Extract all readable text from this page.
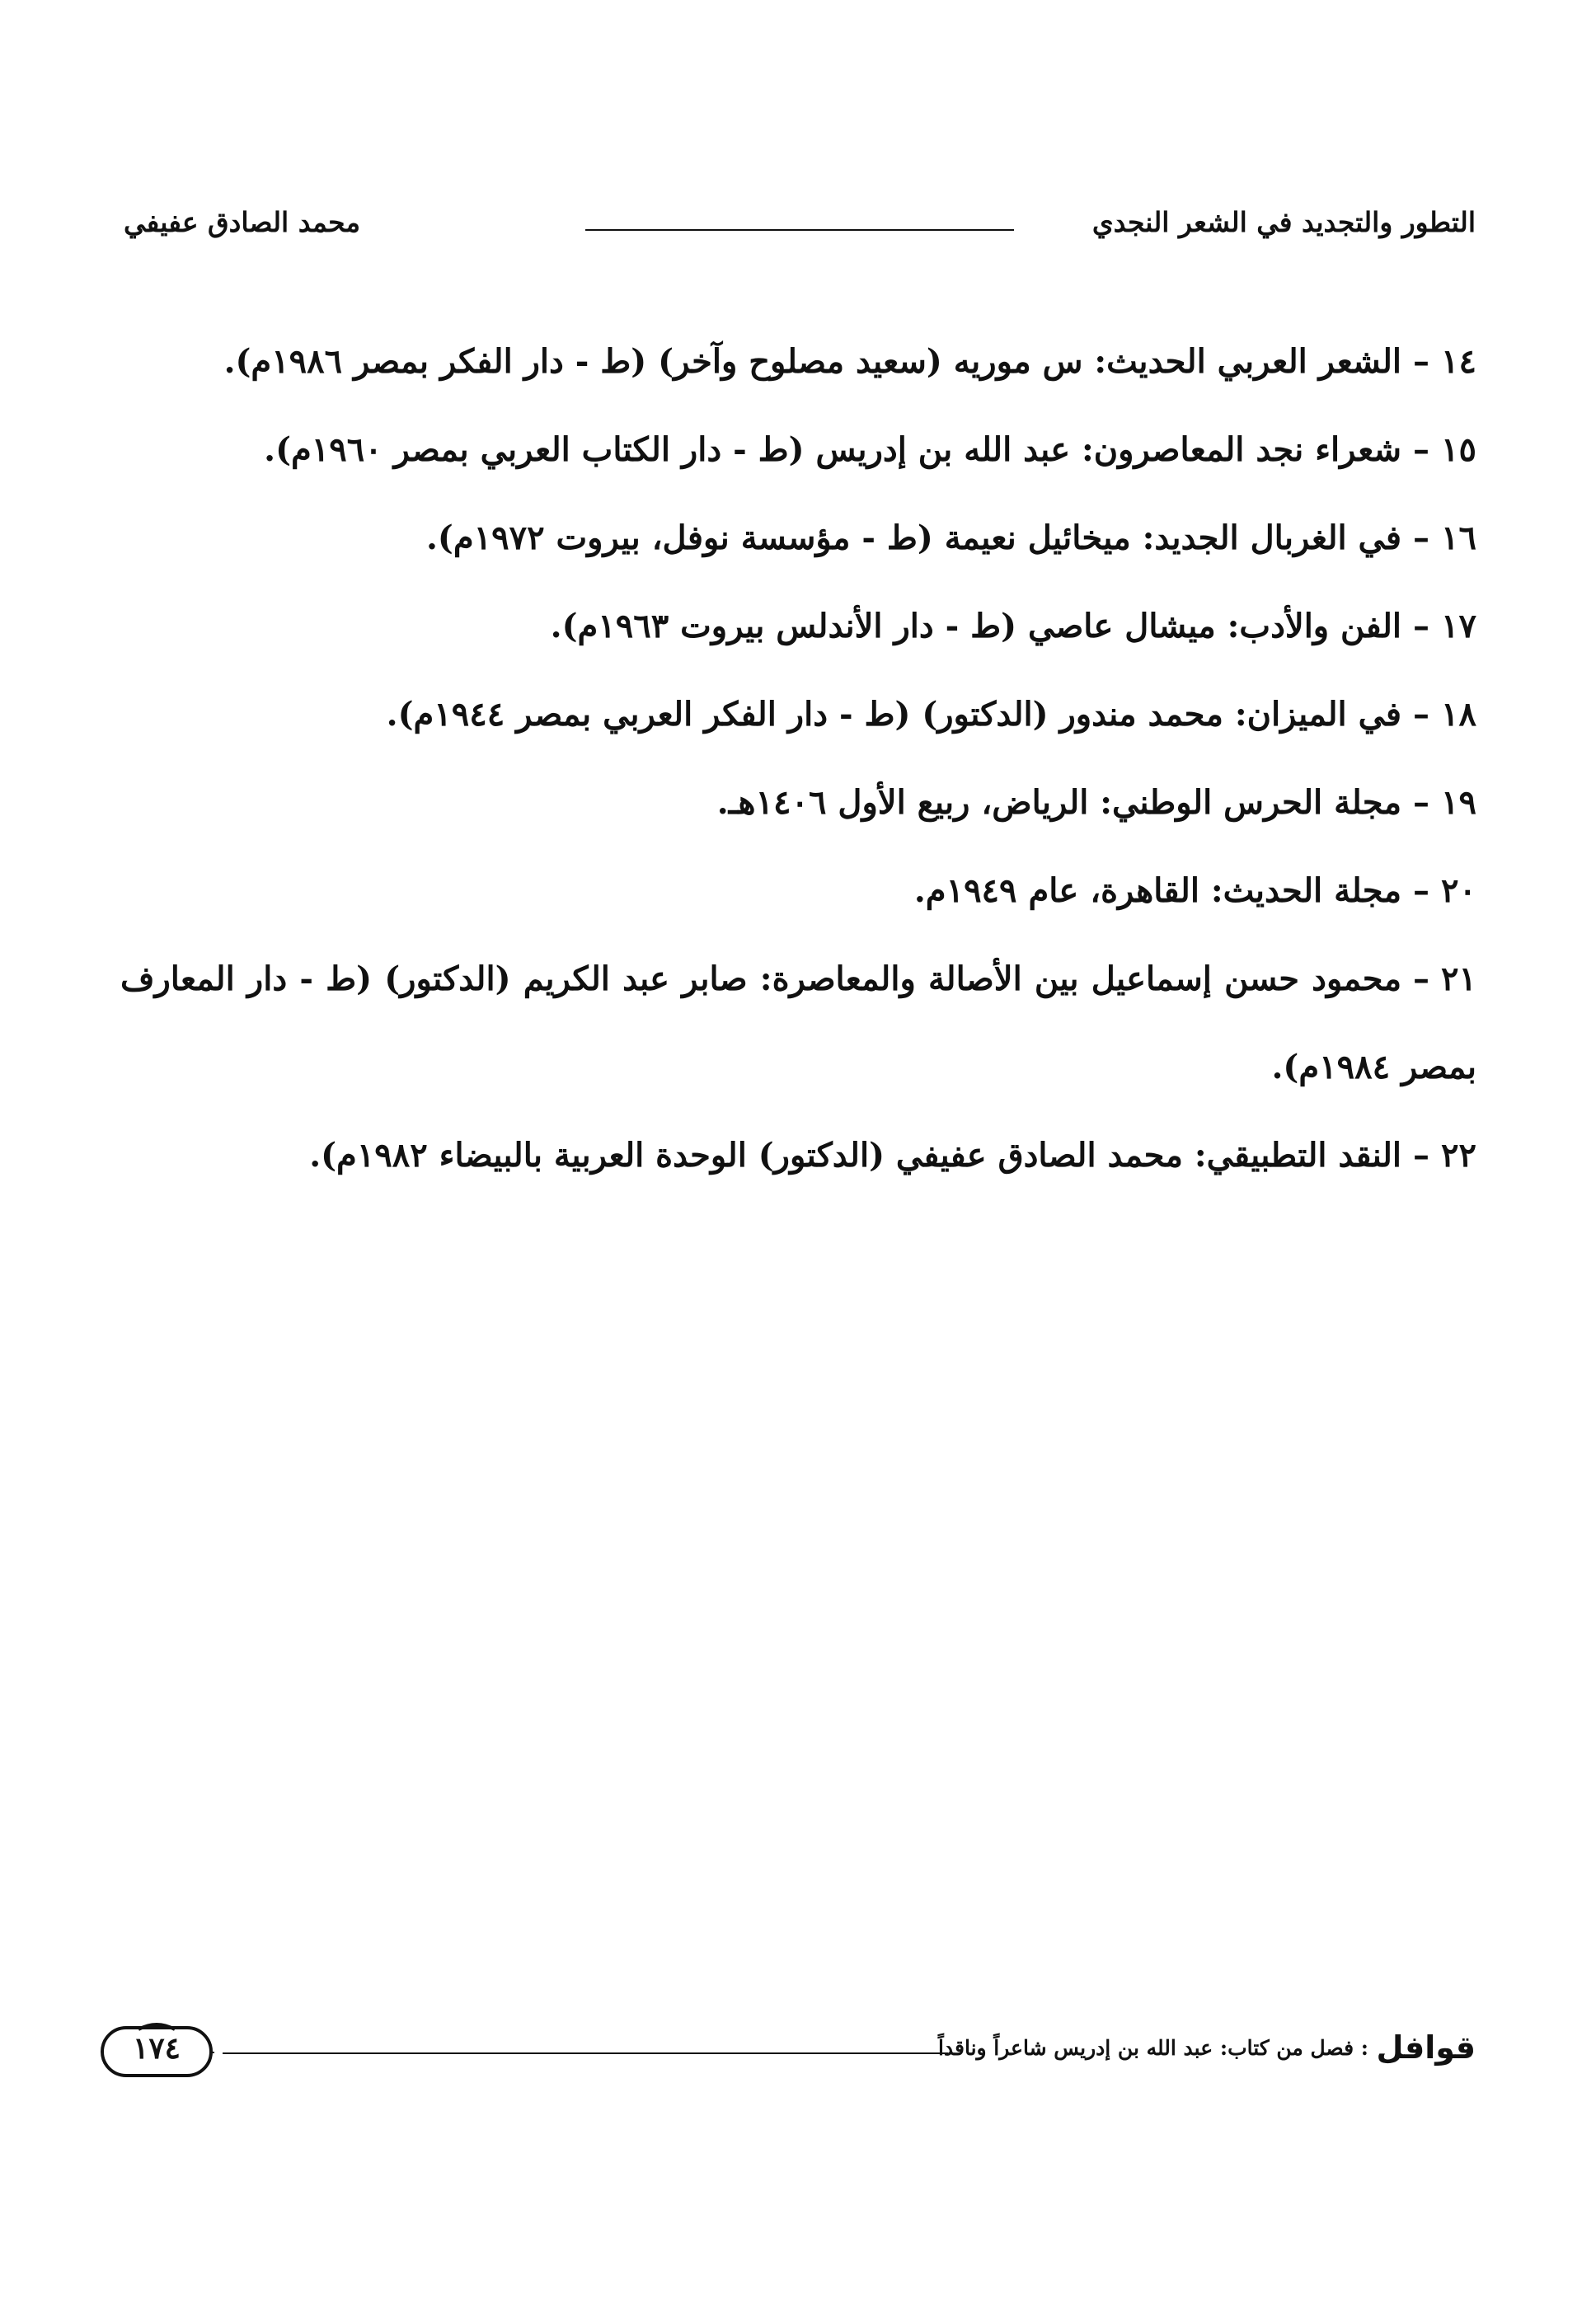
التطور والتجديد في الشعر النجدي
محمد الصادق عفيفي
١٤–الشعر العربي الحديث: س موريه (سعيد مصلوح وآخر) (ط - دار الفكر بمصر ١٩٨٦م).
١٥–شعراء نجد المعاصرون: عبد الله بن إدريس (ط - دار الكتاب العربي بمصر ١٩٦٠م).
١٦–في الغربال الجديد: ميخائيل نعيمة (ط - مؤسسة نوفل، بيروت ١٩٧٢م).
١٧–الفن والأدب: ميشال عاصي (ط - دار الأندلس بيروت ١٩٦٣م).
١٨–في الميزان: محمد مندور (الدكتور) (ط - دار الفكر العربي بمصر ١٩٤٤م).
١٩–مجلة الحرس الوطني: الرياض، ربيع الأول ١٤٠٦هـ.
٢٠–مجلة الحديث: القاهرة، عام ١٩٤٩م.
٢١–محمود حسن إسماعيل بين الأصالة والمعاصرة: صابر عبد الكريم (الدكتور) (ط - دار المعارف بمصر ١٩٨٤م).
٢٢–النقد التطبيقي: محمد الصادق عفيفي (الدكتور) الوحدة العربية بالبيضاء ١٩٨٢م).
قوافل
: فصل من كتاب: عبد الله بن إدريس شاعراً وناقداً
١٧٤
